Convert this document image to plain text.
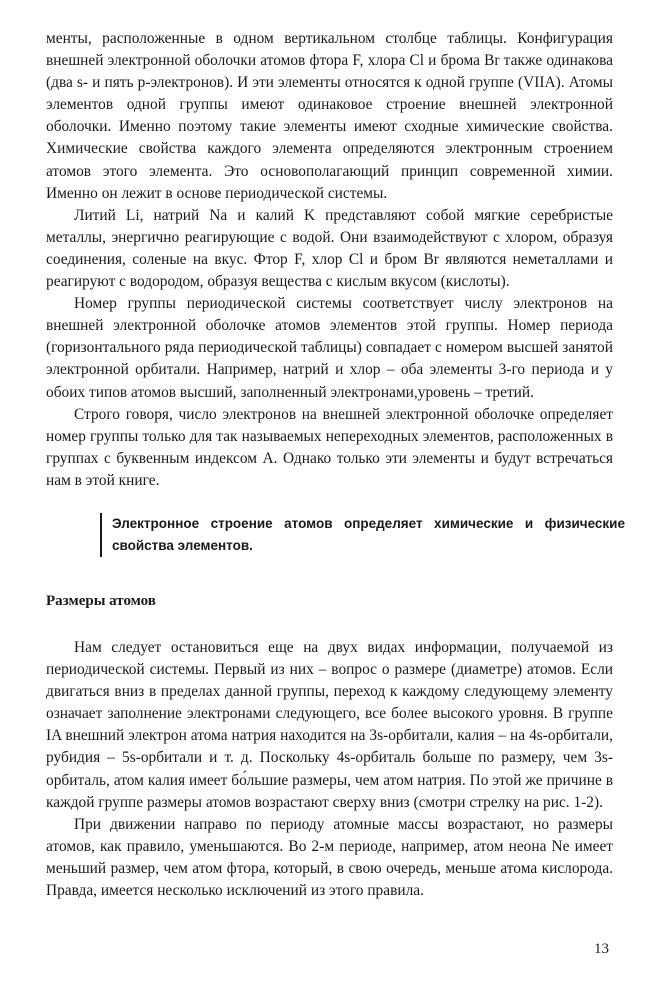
менты, расположенные в одном вертикальном столбце таблицы. Конфигурация внешней электронной оболочки атомов фтора F, хлора Cl и брома Br также одинакова (два s- и пять p-электронов). И эти элементы относятся к одной группе (VIIA). Атомы элементов одной группы имеют одинаковое строение внешней электронной оболочки. Именно поэтому такие элементы имеют сходные химические свойства. Химические свойства каждого элемента определяются электронным строением атомов этого элемента. Это основополагающий принцип современной химии. Именно он лежит в основе периодической системы.

Литий Li, натрий Na и калий K представляют собой мягкие серебристые металлы, энергично реагирующие с водой. Они взаимодействуют с хлором, образуя соединения, соленые на вкус. Фтор F, хлор Cl и бром Br являются неметаллами и реагируют с водородом, образуя вещества с кислым вкусом (кислоты).

Номер группы периодической системы соответствует числу электронов на внешней электронной оболочке атомов элементов этой группы. Номер периода (горизонтального ряда периодической таблицы) совпадает с номером высшей занятой электронной орбитали. Например, натрий и хлор – оба элементы 3-го периода и у обоих типов атомов высший, заполненный электронами,уровень – третий.

Строго говоря, число электронов на внешней электронной оболочке определяет номер группы только для так называемых непереходных элементов, расположенных в группах с буквенным индексом А. Однако только эти элементы и будут встречаться нам в этой книге.

Электронное строение атомов определяет химические и физические свойства элементов.
Размеры атомов

Нам следует остановиться еще на двух видах информации, получаемой из периодической системы. Первый из них – вопрос о размере (диаметре) атомов. Если двигаться вниз в пределах данной группы, переход к каждому следующему элементу означает заполнение электронами следующего, все более высокого уровня. В группе IA внешний электрон атома натрия находится на 3s-орбитали, калия – на 4s-орбитали, рубидия – 5s-орбитали и т. д. Поскольку 4s-орбиталь больше по размеру, чем 3s-орбиталь, атом калия имеет бо́льшие размеры, чем атом натрия. По этой же причине в каждой группе размеры атомов возрастают сверху вниз (смотри стрелку на рис. 1-2).

При движении направо по периоду атомные массы возрастают, но размеры атомов, как правило, уменьшаются. Во 2-м периоде, например, атом неона Ne имеет меньший размер, чем атом фтора, который, в свою очередь, меньше атома кислорода. Правда, имеется несколько исключений из этого правила.

13
